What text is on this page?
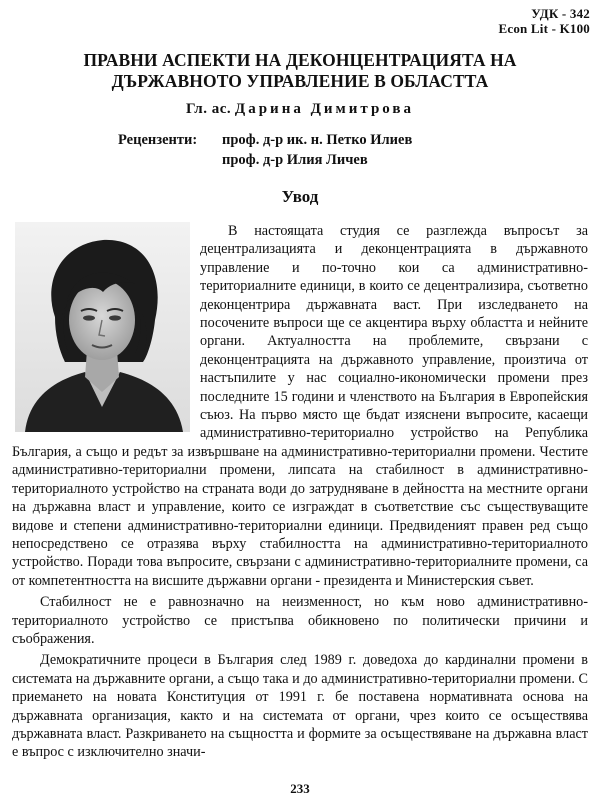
УДК - 342
Econ Lit - K100
ПРАВНИ АСПЕКТИ НА ДЕКОНЦЕНТРАЦИЯТА НА
ДЪРЖАВНОТО УПРАВЛЕНИЕ В ОБЛАСТТА
Гл. ас. Дарина Димитрова
Рецензенти: проф. д-р ик. н. Петко Илиев
проф. д-р Илия Личев
Увод

В настоящата студия се разглежда въпросът за децентрализацията и деконцентрацията в държавното управление и по-точно кои са административно-териториалните единици, в които се децентрализира, съответно деконцентрира държавната васт. При изследването на посочените въпроси ще се акцентира върху областта и нейните органи. Актуалността на проблемите, свързани с деконцентрацията на държавното управление, произтича от настъпилите у нас социално-икономически промени през последните 15 години и членството на България в Европейския съюз. На първо място ще бъдат изяснени въпросите, касаещи административно-териториално устройство на Република България, а също и редът за извършване на административно-териториални промени. Честите административно-териториални промени, липсата на стабилност в административно-териториалното устройство на страната води до затрудняване в дейността на местните органи на държавна власт и управление, които се изграждат в съответствие със съществуващите видове и степени административно-териториални единици. Предвиденият правен ред също непосредствено се отразява върху стабилността на административно-териториалното устройство. Поради това въпросите, свързани с административно-териториалните промени, са от компетентността на висшите държавни органи - президента и Министерския съвет.

Стабилност не е равнозначно на неизменност, но към ново административно-териториалното устройство се пристъпва обикновено по политически причини и съображения.

Демократичните процеси в България след 1989 г. доведоха до кардинални промени в системата на държавните органи, а също така и до административно-териториални промени. С приемането на новата Конституция от 1991 г. бе поставена нормативната основа на държавната организация, както и на системата от органи, чрез които се осъществява държавната власт. Разкриването на същността и формите за осъществяване на държавна власт е въпрос с изключително значи-

233
